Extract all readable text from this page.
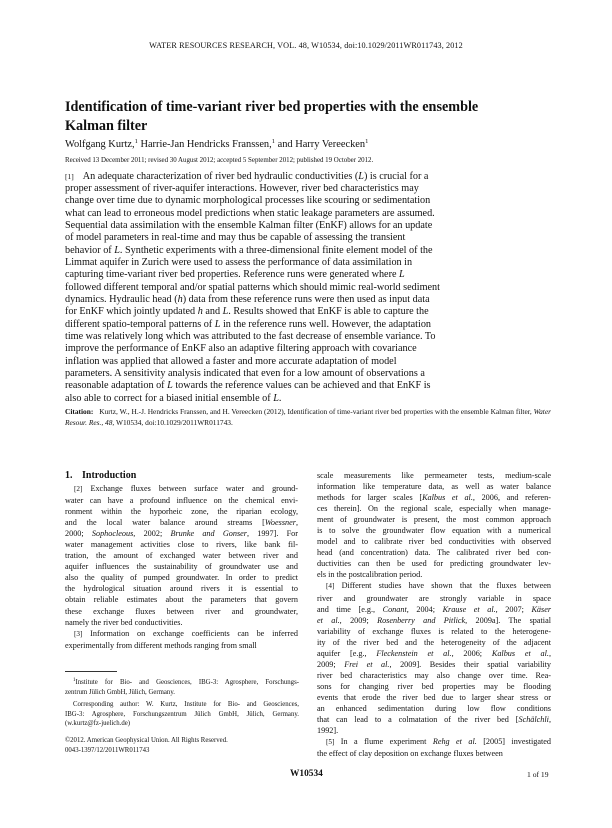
WATER RESOURCES RESEARCH, VOL. 48, W10534, doi:10.1029/2011WR011743, 2012
Identification of time-variant river bed properties with the ensemble
Kalman filter
Wolfgang Kurtz,$^1$ Harrie-Jan Hendricks Franssen,$^1$ and Harry Vereecken$^1$
Received 13 December 2011; revised 30 August 2012; accepted 5 September 2012; published 19 October 2012.
[1] An adequate characterization of river bed hydraulic conductivities (L) is crucial for a
proper assessment of river-aquifer interactions. However, river bed characteristics may
change over time due to dynamic morphological processes like scouring or sedimentation
what can lead to erroneous model predictions when static leakage parameters are assumed.
Sequential data assimilation with the ensemble Kalman filter (EnKF) allows for an update
of model parameters in real-time and may thus be capable of assessing the transient
behavior of L. Synthetic experiments with a three-dimensional finite element model of the
Limmat aquifer in Zurich were used to assess the performance of data assimilation in
capturing time-variant river bed properties. Reference runs were generated where L
followed different temporal and/or spatial patterns which should mimic real-world sediment
dynamics. Hydraulic head (h) data from these reference runs were then used as input data
for EnKF which jointly updated h and L. Results showed that EnKF is able to capture the
different spatio-temporal patterns of L in the reference runs well. However, the adaptation
time was relatively long which was attributed to the fast decrease of ensemble variance. To
improve the performance of EnKF also an adaptive filtering approach with covariance
inflation was applied that allowed a faster and more accurate adaptation of model
parameters. A sensitivity analysis indicated that even for a low amount of observations a
reasonable adaptation of L towards the reference values can be achieved and that EnKF is
also able to correct for a biased initial ensemble of L.
Citation: Kurtz, W., H.-J. Hendricks Franssen, and H. Vereecken (2012), Identification of time-variant river bed properties with the ensemble Kalman filter, Water Resour. Res., 48, W10534, doi:10.1029/2011WR011743.
1. Introduction
[2] Exchange fluxes between surface water and ground-
water can have a profound influence on the chemical envi-
ronment within the hyporheic zone, the riparian ecology,
and the local water balance around streams [Woessner,
2000; Sophocleous, 2002; Brunke and Gonser, 1997]. For
water management activities close to rivers, like bank fil-
tration, the amount of exchanged water between river and
aquifer influences the sustainability of groundwater use and
also the quality of pumped groundwater. In order to predict
the hydrological situation around rivers it is essential to
obtain reliable estimates about the parameters that govern
these exchange fluxes between river and groundwater,
namely the river bed conductivities.
[3] Information on exchange coefficients can be inferred
experimentally from different methods ranging from small
scale measurements like permeameter tests, medium-scale
information like temperature data, as well as water balance
methods for larger scales [Kalbus et al., 2006, and referen-
ces therein]. On the regional scale, especially when manage-
ment of groundwater is present, the most common approach
is to solve the groundwater flow equation with a numerical
model and to calibrate river bed conductivities with observed
head (and concentration) data. The calibrated river bed con-
ductivities can then be used for predicting groundwater lev-
els in the postcalibration period.
[4] Different studies have shown that the fluxes between
river and groundwater are strongly variable in space
and time [e.g., Conant, 2004; Krause et al., 2007; Käser
et al., 2009; Rosenberry and Pitlick, 2009a]. The spatial
variability of exchange fluxes is related to the heterogene-
ity of the river bed and the heterogeneity of the adjacent
aquifer [e.g., Fleckenstein et al., 2006; Kalbus et al.,
2009; Frei et al., 2009]. Besides their spatial variability
river bed characteristics may also change over time. Rea-
sons for changing river bed properties may be flooding
events that erode the river bed due to larger shear stress or
an enhanced sedimentation during low flow conditions
that can lead to a colmatation of the river bed [Schälchli,
1992].
[5] In a flume experiment Rehg et al. [2005] investigated
the effect of clay deposition on exchange fluxes between

$^1$Institute for Bio- and Geosciences, IBG-3: Agrosphere, Forschungs-
zentrum Jülich GmbH, Jülich, Germany.

Corresponding author: W. Kurtz, Institute for Bio- and Geosciences,
IBG-3: Agrosphere, Forschungszentrum Jülich GmbH, Jülich, Germany.
(w.kurtz@fz-juelich.de)

©2012. American Geophysical Union. All Rights Reserved.
0043-1397/12/2011WR011743
W10534	1 of 19
